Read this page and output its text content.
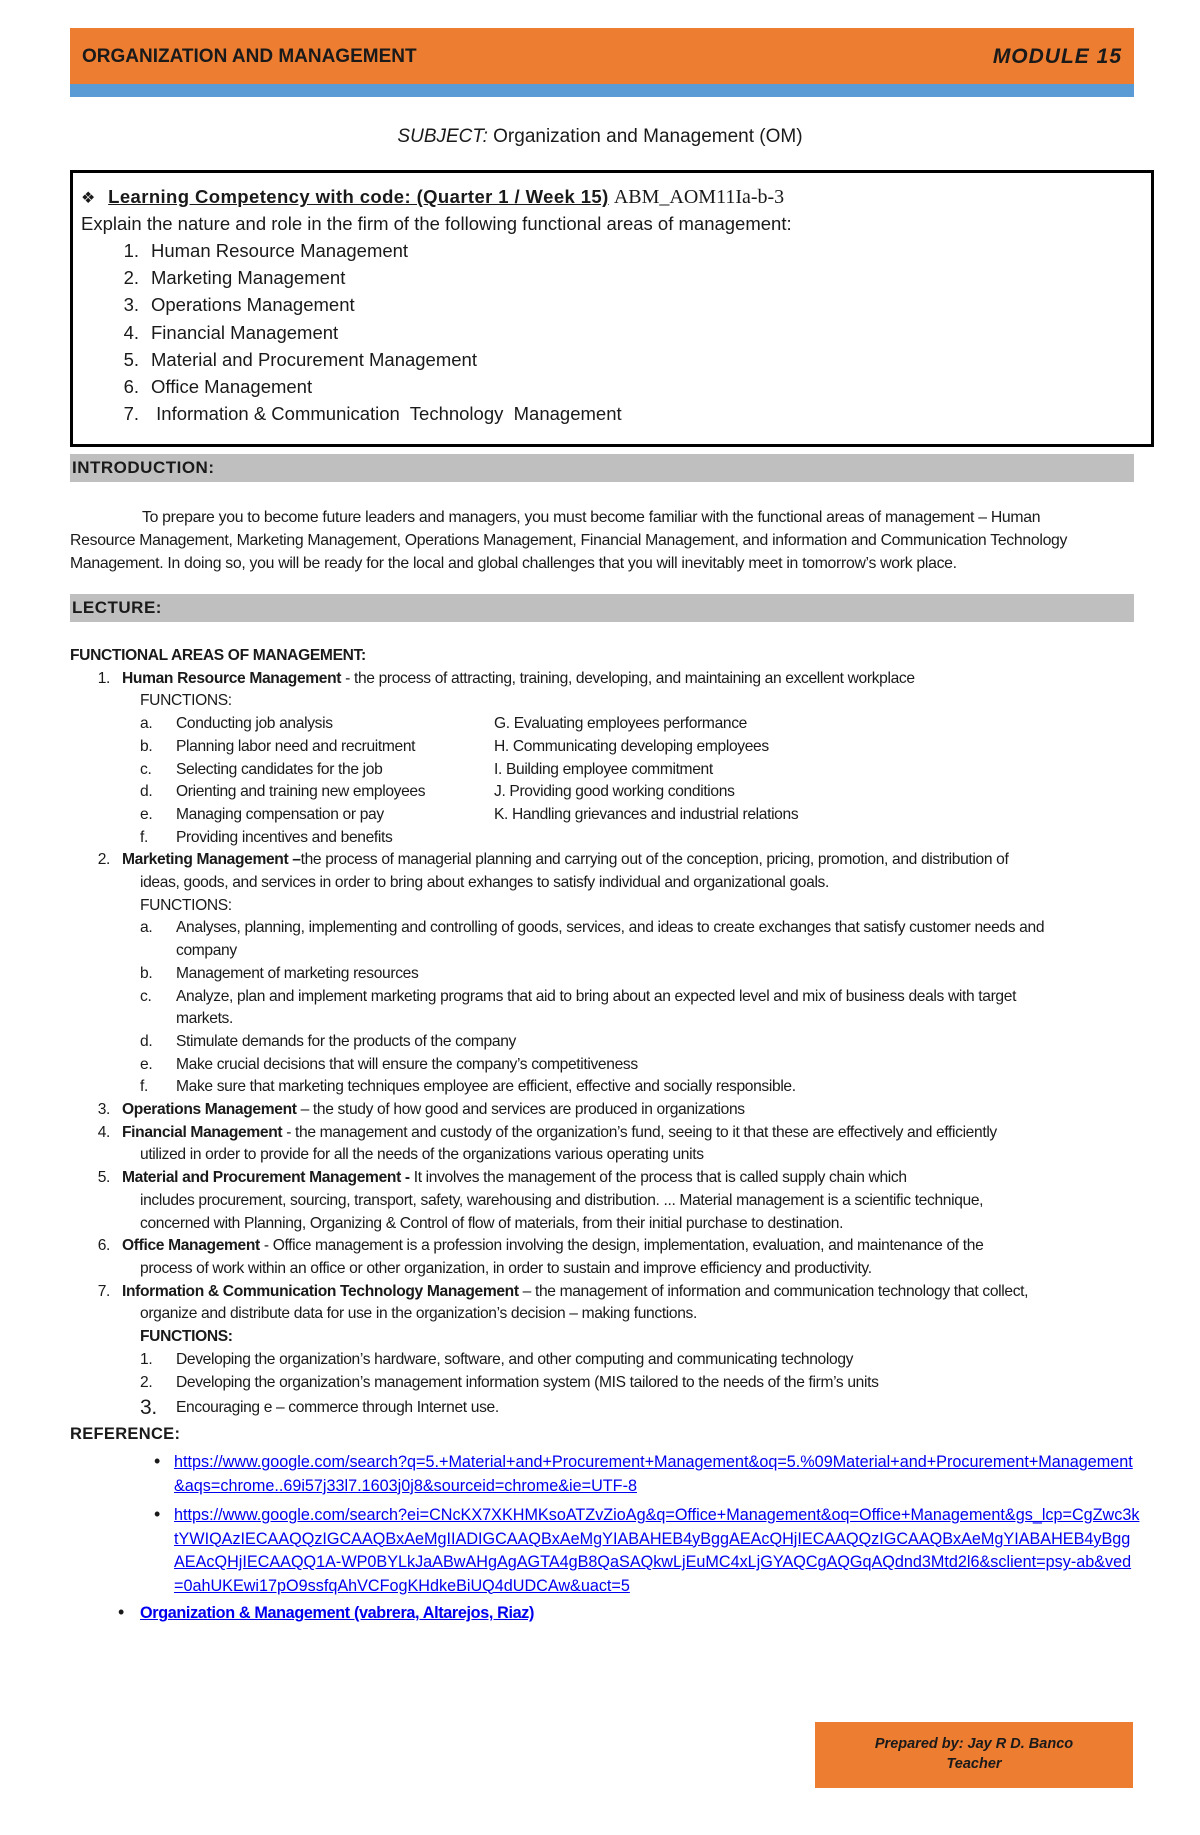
ORGANIZATION AND MANAGEMENT	MODULE 15
SUBJECT: Organization and Management (OM)
❖ Learning Competency with code: (Quarter 1 / Week 15) ABM_AOM11Ia-b-3
Explain the nature and role in the firm of the following functional areas of management:
1. Human Resource Management
2. Marketing Management
3. Operations Management
4. Financial Management
5. Material and Procurement Management
6. Office Management
7. Information & Communication  Technology  Management
INTRODUCTION:
To prepare you to become future leaders and managers, you must become familiar with the functional areas of management – Human
Resource Management, Marketing Management, Operations Management, Financial Management, and information and Communication Technology
Management. In doing so, you will be ready for the local and global challenges that you will inevitably meet in tomorrow’s work place.
LECTURE:
FUNCTIONAL AREAS OF MANAGEMENT:
1. Human Resource Management - the process of attracting, training, developing, and maintaining an excellent workplace
FUNCTIONS:
a.	Conducting job analysis	G. Evaluating employees performance
b.	Planning labor need and recruitment	H. Communicating developing employees
c.	Selecting candidates for the job	I. Building employee commitment
d.	Orienting and training new employees	J. Providing good working conditions
e.	Managing compensation or pay	K. Handling grievances and industrial relations
f.	Providing incentives and benefits
2. Marketing Management –the process of managerial planning and carrying out of the conception, pricing, promotion, and distribution of
ideas, goods, and services in order to bring about exhanges to satisfy individual and organizational goals.
FUNCTIONS:
a.	Analyses, planning, implementing and controlling of goods, services, and ideas to create exchanges that satisfy customer needs and
company
b.	Management of marketing resources
c.	Analyze, plan and implement marketing programs that aid to bring about an expected level and mix of business deals with target
markets.
d.	Stimulate demands for the products of the company
e.	Make crucial decisions that will ensure the company’s competitiveness
f.	Make sure that marketing techniques employee are efficient, effective and socially responsible.
3. Operations Management – the study of how good and services are produced in organizations
4. Financial Management - the management and custody of the organization’s fund, seeing to it that these are effectively and efficiently
utilized in order to provide for all the needs of the organizations various operating units
5. Material and Procurement Management - It involves the management of the process that is called supply chain which
includes procurement, sourcing, transport, safety, warehousing and distribution. ... Material management is a scientific technique,
concerned with Planning, Organizing & Control of flow of materials, from their initial purchase to destination.
6. Office Management - Office management is a profession involving the design, implementation, evaluation, and maintenance of the
process of work within an office or other organization, in order to sustain and improve efficiency and productivity.
7. Information & Communication Technology Management – the management of information and communication technology that collect,
organize and distribute data for use in the organization’s decision – making functions.
FUNCTIONS:
1.	Developing the organization’s hardware, software, and other computing and communicating technology
2.	Developing the organization’s management information system (MIS tailored to the needs of the firm’s units
3.	Encouraging e – commerce through Internet use.
REFERENCE:
• https://www.google.com/search?q=5.+Material+and+Procurement+Management&oq=5.%09Material+and+Procurement+Management&aqs=chrome..69i57j33l7.1603j0j8&sourceid=chrome&ie=UTF-8
• https://www.google.com/search?ei=CNcKX7XKHMKsoATZvZioAg&q=Office+Management&oq=Office+Management&gs_lcp=CgZwc3ktYWIQAzIECAAQQzIGCAAQBxAeMgIIADIGCAAQBxAeMgYIABAHEB4yBggAEAcQHjIECAAQQzIGCAAQBxAeMgYIABAHEB4yBggAEAcQHjIECAAQQ1A-WP0BYLkJaABwAHgAgAGTA4gB8QaSAQkwLjEuMC4xLjGYAQCgAQGqAQdnd3Mtd2l6&sclient=psy-ab&ved=0ahUKEwi17pO9ssfqAhVCFogKHdkeBiUQ4dUDCAw&uact=5
• Organization & Management (vabrera, Altarejos, Riaz)
Prepared by: Jay R D. Banco
Teacher
